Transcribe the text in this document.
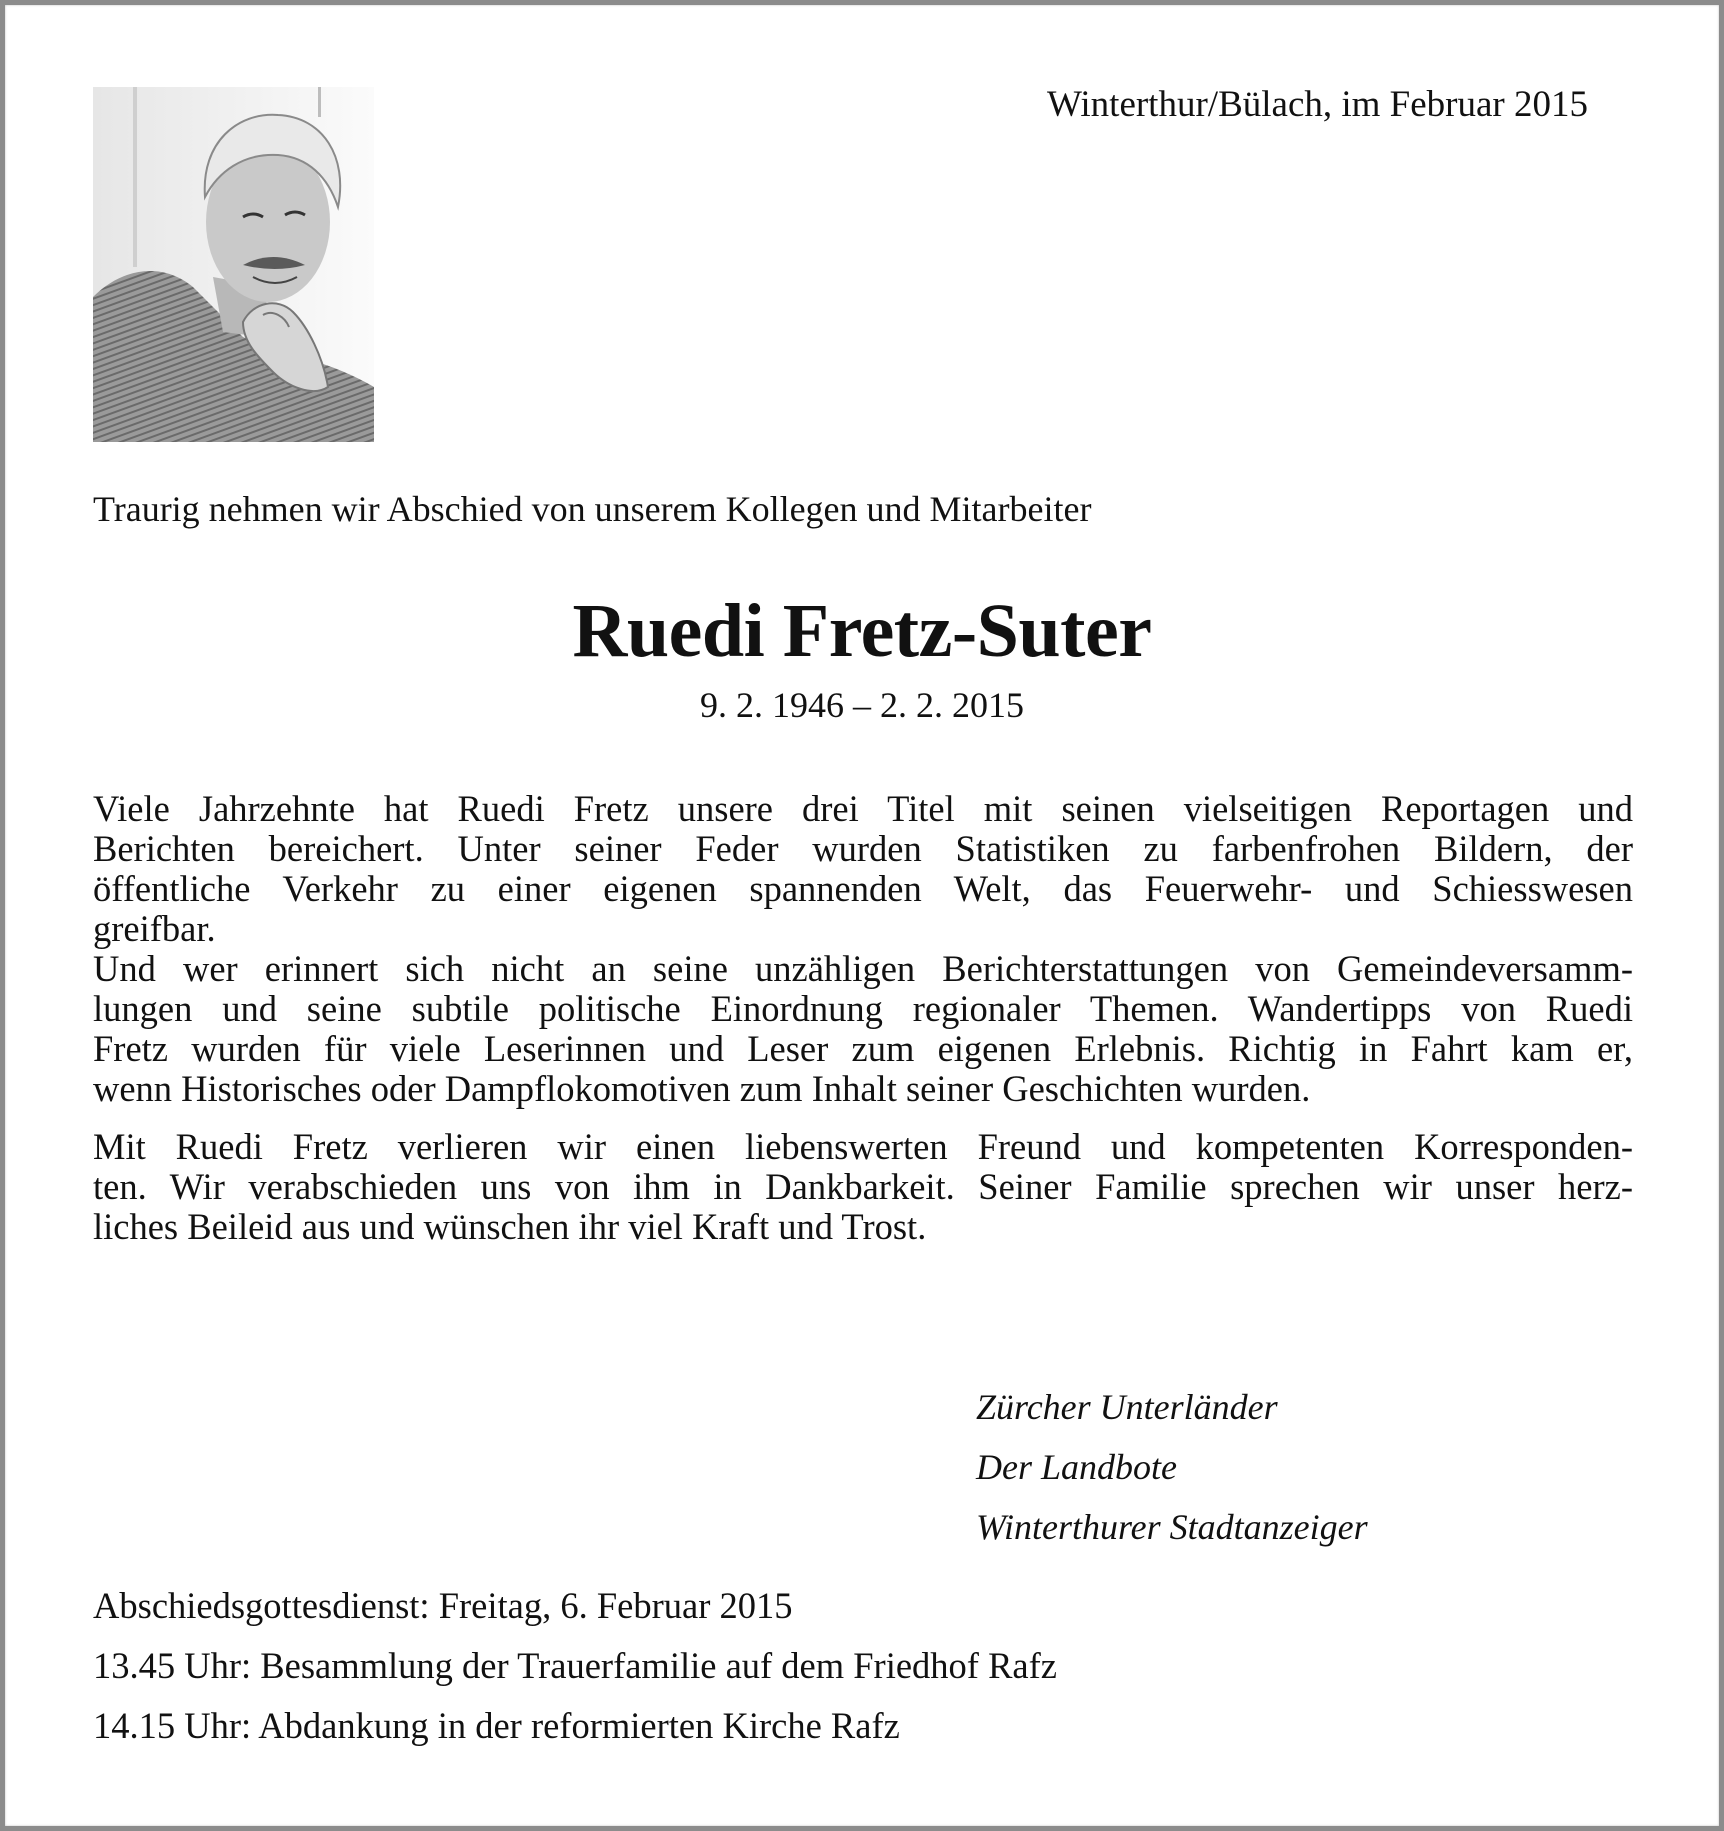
Winterthur/Bülach, im Februar 2015
Traurig nehmen wir Abschied von unserem Kollegen und Mitarbeiter
Ruedi Fretz-Suter
9. 2. 1946 – 2. 2. 2015
Viele Jahrzehnte hat Ruedi Fretz unsere drei Titel mit seinen vielseitigen Reportagen und
Berichten bereichert. Unter seiner Feder wurden Statistiken zu farbenfrohen Bildern, der
öffentliche Verkehr zu einer eigenen spannenden Welt, das Feuerwehr- und Schiesswesen
greifbar.
Und wer erinnert sich nicht an seine unzähligen Berichterstattungen von Gemeindeversamm-
lungen und seine subtile politische Einordnung regionaler Themen. Wandertipps von Ruedi
Fretz wurden für viele Leserinnen und Leser zum eigenen Erlebnis. Richtig in Fahrt kam er,
wenn Historisches oder Dampflokomotiven zum Inhalt seiner Geschichten wurden.
Mit Ruedi Fretz verlieren wir einen liebenswerten Freund und kompetenten Korresponden-
ten. Wir verabschieden uns von ihm in Dankbarkeit. Seiner Familie sprechen wir unser herz-
liches Beileid aus und wünschen ihr viel Kraft und Trost.
Zürcher Unterländer
Der Landbote
Winterthurer Stadtanzeiger
Abschiedsgottesdienst: Freitag, 6. Februar 2015
13.45 Uhr: Besammlung der Trauerfamilie auf dem Friedhof Rafz
14.15 Uhr: Abdankung in der reformierten Kirche Rafz
